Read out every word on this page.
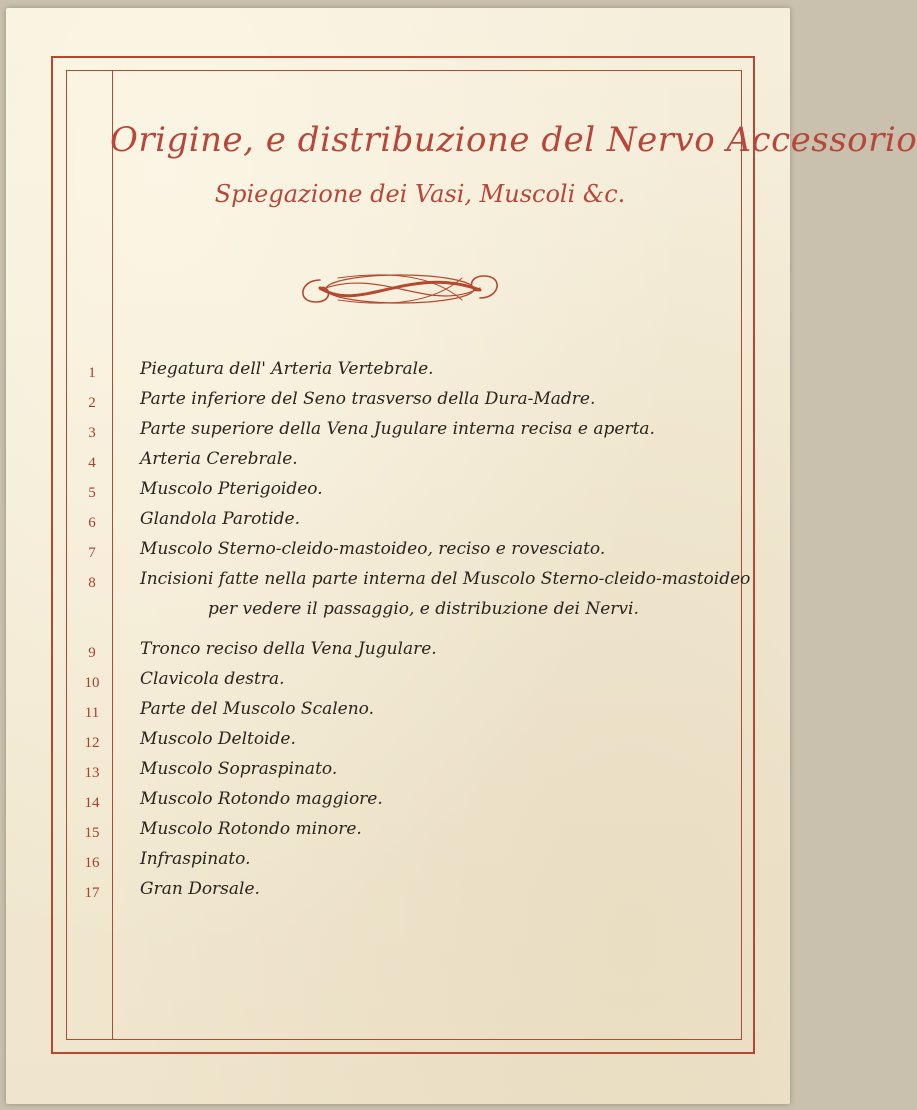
Origine, e distribuzione del Nervo Accessorio
Spiegazione dei Vasi, Muscoli &c.
1	Piegatura dell' Arteria Vertebrale.
2	Parte inferiore del Seno trasverso della Dura-Madre.
3	Parte superiore della Vena Jugulare interna recisa e aperta.
4	Arteria Cerebrale.
5	Muscolo Pterigoideo.
6	Glandola Parotide.
7	Muscolo Sterno-cleido-mastoideo, reciso e rovesciato.
8	Incisioni fatte nella parte interna del Muscolo Sterno-cleido-mastoideo
per vedere il passaggio, e distribuzione dei Nervi.
9	Tronco reciso della Vena Jugulare.
10	Clavicola destra.
11	Parte del Muscolo Scaleno.
12	Muscolo Deltoide.
13	Muscolo Sopraspinato.
14	Muscolo Rotondo maggiore.
15	Muscolo Rotondo minore.
16	Infraspinato.
17	Gran Dorsale.
